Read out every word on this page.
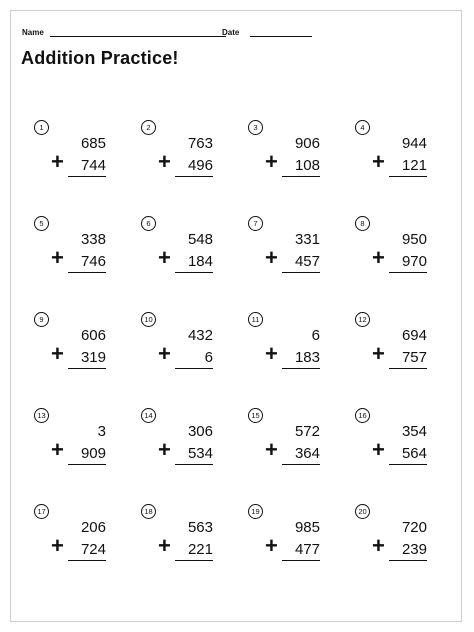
Name	Date
Addition Practice!
1
685
+ 744
2
763
+ 496
3
906
+ 108
4
944
+ 121
5
338
+ 746
6
548
+ 184
7
331
+ 457
8
950
+ 970
9
606
+ 319
10
432
+ 6
11
6
+ 183
12
694
+ 757
13
3
+ 909
14
306
+ 534
15
572
+ 364
16
354
+ 564
17
206
+ 724
18
563
+ 221
19
985
+ 477
20
720
+ 239
